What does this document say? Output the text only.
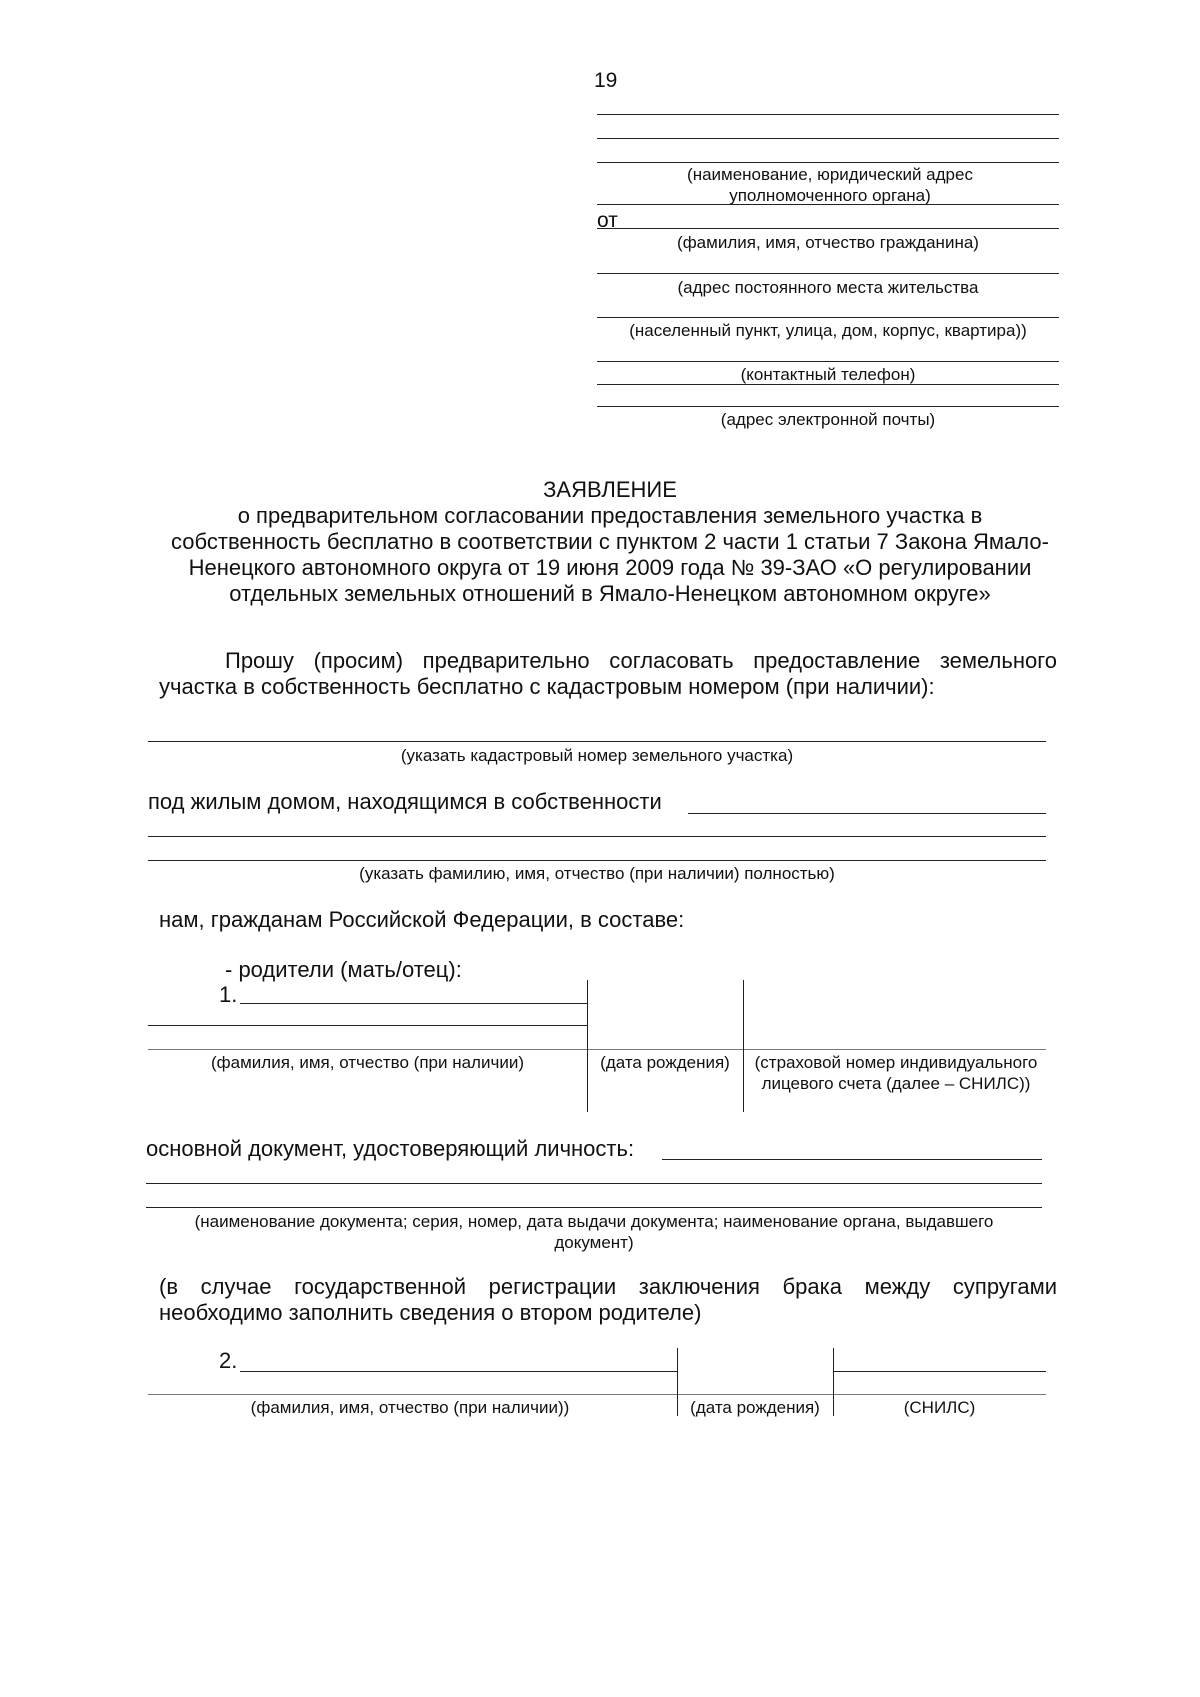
19
(наименование, юридический адрес уполномоченного органа)
от
(фамилия, имя, отчество гражданина)
(адрес постоянного места жительства
(населенный пункт, улица, дом, корпус, квартира))
(контактный телефон)
(адрес электронной почты)
ЗАЯВЛЕНИЕ
о предварительном согласовании предоставления земельного участка в собственность бесплатно в соответствии с пунктом 2 части 1 статьи 7 Закона Ямало-Ненецкого автономного округа от 19 июня 2009 года № 39-ЗАО «О регулировании отдельных земельных отношений в Ямало-Ненецком автономном округе»
Прошу (просим) предварительно согласовать предоставление земельного
участка в собственность бесплатно с кадастровым номером (при наличии):
(указать кадастровый номер земельного участка)
под жилым домом, находящимся в собственности
(указать фамилию, имя, отчество (при наличии) полностью)
нам, гражданам Российской Федерации, в составе:
- родители (мать/отец):
1.
(фамилия, имя, отчество (при наличии)	(дата рождения)	(страховой номер индивидуального лицевого счета (далее – СНИЛС))
основной документ, удостоверяющий личность:
(наименование документа; серия, номер, дата выдачи документа; наименование органа, выдавшего документ)
(в случае государственной регистрации заключения брака между супругами
необходимо заполнить сведения о втором родителе)
2.
(фамилия, имя, отчество (при наличии))	(дата рождения)	(СНИЛС)
